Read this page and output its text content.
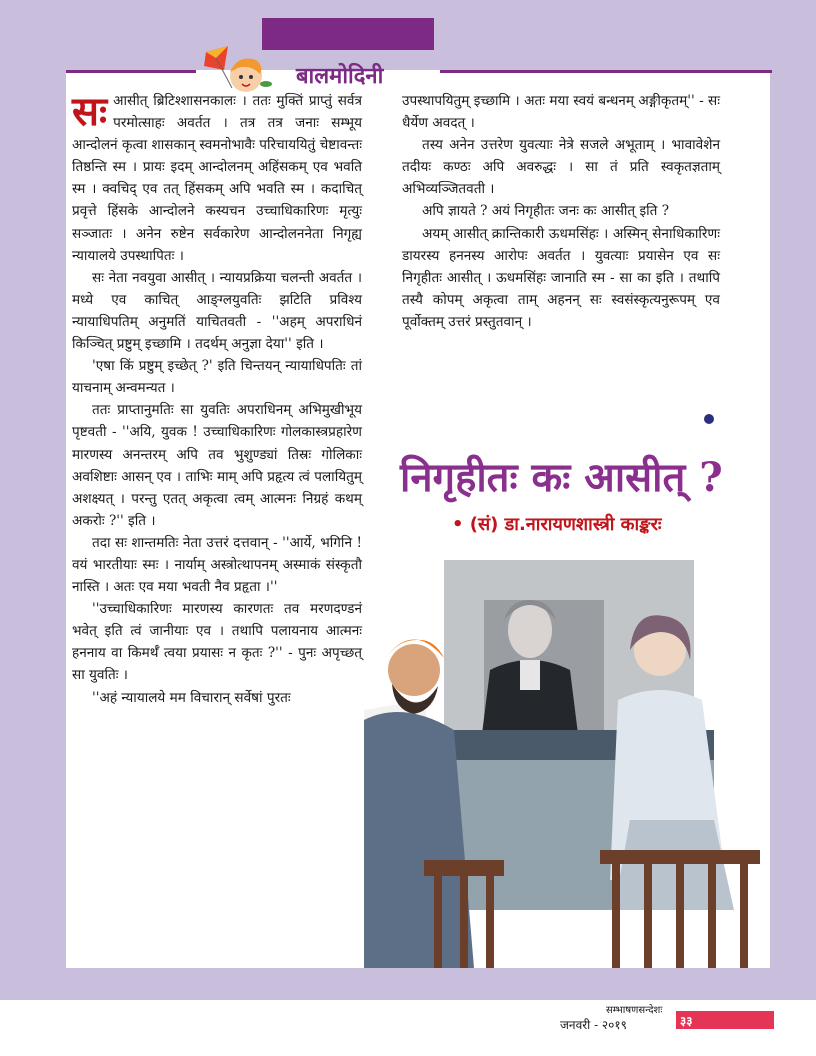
बालमोदिनी

सःआसीत् ब्रिटिश्शासनकालः । ततः मुक्तिं प्राप्तुं सर्वत्र परमोत्साहः अवर्तत । तत्र तत्र जनाः सम्भूय आन्दोलनं कृत्वा शासकान् स्वमनोभावैः परिचाययितुं चेष्टावन्तः तिष्ठन्ति स्म । प्रायः इदम् आन्दोलनम् अहिंसकम् एव भवति स्म । क्वचिद् एव तत् हिंसकम् अपि भवति स्म । कदाचित् प्रवृत्ते हिंसके आन्दोलने कस्यचन उच्चाधिकारिणः मृत्युः सञ्जातः । अनेन रुष्टेन सर्वकारेण आन्दोलननेता निगृह्य न्यायालये उपस्थापितः ।

सः नेता नवयुवा आसीत् । न्यायप्रक्रिया चलन्ती अवर्तत । मध्ये एव काचित् आङ्ग्लयुवतिः झटिति प्रविश्य न्यायाधिपतिम् अनुमतिं याचितवती - ''अहम् अपराधिनं किञ्चित् प्रष्टुम् इच्छामि । तदर्थम् अनुज्ञा देया'' इति ।

'एषा किं प्रष्टुम् इच्छेत् ?' इति चिन्तयन् न्यायाधिपतिः तां याचनाम् अन्वमन्यत ।

ततः प्राप्तानुमतिः सा युवतिः अपराधिनम् अभिमुखीभूय पृष्टवती - ''अयि, युवक ! उच्चाधिकारिणः गोलकास्त्रप्रहारेण मारणस्य अनन्तरम् अपि तव भुशुण्ड्यां तिस्रः गोलिकाः अवशिष्टाः आसन् एव । ताभिः माम् अपि प्रहृत्य त्वं पलायितुम् अशक्ष्यत् । परन्तु एतत् अकृत्वा त्वम् आत्मनः निग्रहं कथम् अकरोः ?'' इति ।

तदा सः शान्तमतिः नेता उत्तरं दत्तवान् - ''आर्ये, भगिनि ! वयं भारतीयाः स्मः । नार्याम् अस्त्रोत्थापनम् अस्माकं संस्कृतौ नास्ति । अतः एव मया भवती नैव प्रहृता ।''

''उच्चाधिकारिणः मारणस्य कारणतः तव मरणदण्डनं भवेत् इति त्वं जानीयाः एव । तथापि पलायनाय आत्मनः हननाय वा किमर्थँ त्वया प्रयासः न कृतः ?'' - पुनः अपृच्छत् सा युवतिः ।

''अहं न्यायालये मम विचारान् सर्वेषां पुरतः

उपस्थापयितुम् इच्छामि । अतः मया स्वयं बन्धनम् अङ्गीकृतम्'' - सः धैर्येण अवदत् ।

तस्य अनेन उत्तरेण युवत्याः नेत्रे सजले अभूताम् । भावावेशेन तदीयः कण्ठः अपि अवरुद्धः । सा तं प्रति स्वकृतज्ञताम् अभिव्यञ्जितवती ।

अपि ज्ञायते ? अयं निगृहीतः जनः कः आसीत् इति ?

अयम् आसीत् क्रान्तिकारी ऊधमसिंहः । अस्मिन् सेनाधिकारिणः डायरस्य हननस्य आरोपः अवर्तत । युवत्याः प्रयासेन एव सः निगृहीतः आसीत् । ऊधमसिंहः जानाति स्म - सा का इति । तथापि तस्यै कोपम् अकृत्वा ताम् अहनन् सः स्वसंस्कृत्यनुरूपम् एव पूर्वोक्तम् उत्तरं प्रस्तुतवान् ।

निगृहीतः कः आसीत् ?
• (सं) डा.नारायणशास्त्री काङ्करः
सम्भाषणसन्देशः
जनवरी - २०१९	३३
